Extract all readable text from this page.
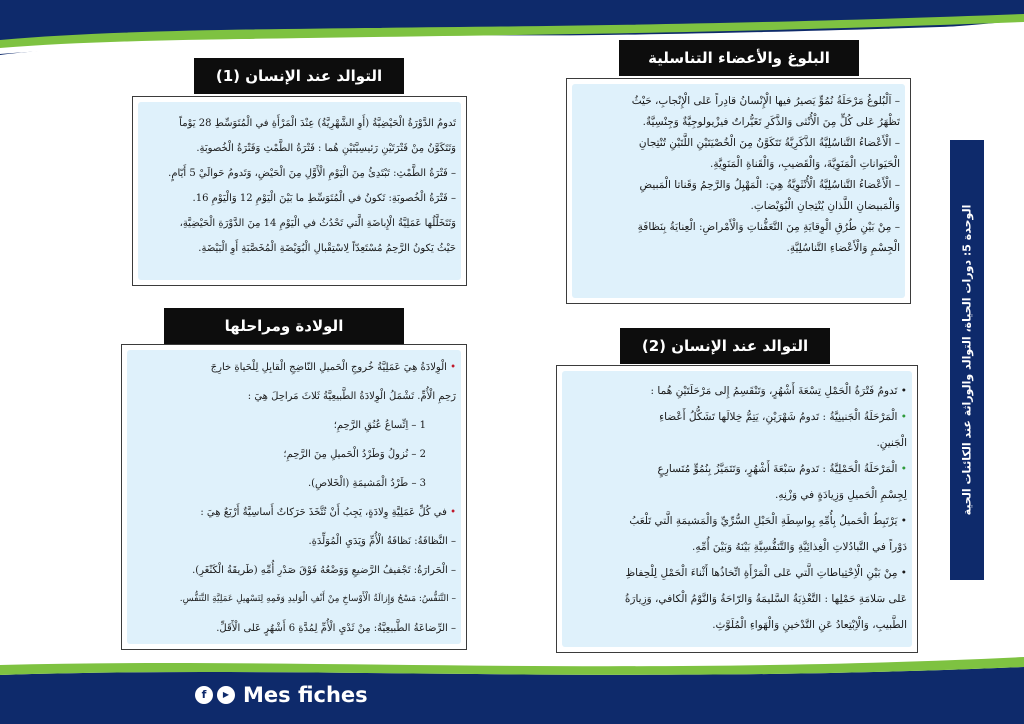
البلوغ والأعضاء التناسلية
– اَلْبُلوغُ مَرْحَلَةُ نُمُوٍّ يَصيرُ فيها الْإِنْسانُ قادِراً عَلى الْإِنْجابِ، حَيْثُ
تَظْهَرُ عَلى كُلٍّ مِنَ الْأُنْثى وَالذَّكَرِ تَغَيُّراتٌ فيزْيولوجِيَّةٌ وَجِنْسِيَّةٌ.
– الْأَعْضاءُ التَّناسُلِيَّةُ الذَّكَرِيَّةُ تَتَكَوَّنُ مِنَ الْخُصْيَتَيْنِ اللَّتَيْنِ تُنْتِجانِ
الْحَيَواناتِ الْمَنَوِيَّةَ، وَالْقَضيبِ، وَالْقَناةِ الْمَنَوِيَّةِ.
– الْأَعْضاءُ التَّناسُلِيَّةُ الْأُنْثَوِيَّةُ هِيَ: الْمَهْبِلُ وَالرَّحِمُ وَقَناتا الْمَبيضِ
وَالْمَبيضانِ اللَّذانِ يُنْتِجانِ الْبُوَيْضاتِ.
– مِنْ بَيْنِ طُرُقِ الْوِقايَةِ مِنَ التَّعَفُّناتِ وَالْأَمْراضِ: الْعِنايَةُ بِنَظافَةِ
الْجِسْمِ وَالْأَعْضاءِ التَّناسُلِيَّةِ.
التوالد عند الإنسان (1)
تَدومُ الدَّوْرَةُ الْحَيْضِيَّةُ (أَوِ الشَّهْرِيَّةُ) عِنْدَ الْمَرْأَةِ في الْمُتَوَسِّطِ 28 يَوْماً
وَتَتَكَوَّنُ مِنْ فَتْرَتَيْنِ رَئيسِيَّتَيْنِ هُما : فَتْرَةُ الطَّمْثِ وَفَتْرَةُ الْخُصوبَةِ.
– فَتْرَةُ الطَّمْثِ: تَبْتَدِئُ مِنَ الْيَوْمِ الْأَوَّلِ مِنَ الْحَيْضِ، وَتَدومُ حَوالَيْ 5 أَيّامٍ.
– فَتْرَةُ الْخُصوبَةِ: تَكونُ في الْمُتَوَسِّطِ ما بَيْنَ الْيَوْمِ 12 وَالْيَوْمِ 16.
وَتَتَخَلَّلُها عَمَلِيَّةُ الْإِباضَةِ الَّتي تَحْدُثُ في الْيَوْمِ 14 مِنَ الدَّوْرَةِ الْحَيْضِيَّةِ،
حَيْثُ يَكونُ الرَّحِمُ مُسْتَعِدّاً لِاسْتِقْبالِ الْبُوَيْضَةِ الْمُخَصَّبَةِ أَوِ الْبَيْضَةِ.
التوالد عند الإنسان (2)
• تَدومُ فَتْرَةُ الْحَمْلِ تِسْعَةَ أَشْهُرٍ، وَتَنْقَسِمُ إِلى مَرْحَلَتَيْنِ هُما :
• الْمَرْحَلَةُ الْجَنينِيَّةُ : تَدومُ شَهْرَيْنِ، يَتِمُّ خِلالَها تَشَكُّلُ أَعْضاءِ
الْجَنينِ.
• الْمَرْحَلَةُ الْحَمْلِيَّةُ : تَدومُ سَبْعَةَ أَشْهُرٍ، وَتَتَمَيَّزُ بِنُمُوٍّ مُتَسارِعٍ
لِجِسْمِ الْحَميلِ وَزِيادَةٍ في وَزْنِهِ.
• يَرْتَبِطُ الْحَميلُ بِأُمِّهِ بِواسِطَةِ الْحَبْلِ السُّرِّيِّ وَالْمَشيمَةِ الَّتي تَلْعَبُ
دَوْراً في التَّبادُلاتِ الْغِذائِيَّةِ وَالتَّنَفُّسِيَّةِ بَيْنَهُ وَبَيْنَ أُمِّهِ.
• مِنْ بَيْنِ الْاِحْتِياطاتِ الَّتي عَلى الْمَرْأَةِ اتِّخاذُها أَثْناءَ الْحَمْلِ لِلْحِفاظِ
عَلى سَلامَةِ حَمْلِها : التَّغْذِيَةُ السَّليمَةُ وَالرّاحَةُ وَالنَّوْمُ الْكافي، وَزِيارَةُ
الطَّبيبِ، وَالْاِبْتِعادُ عَنِ التَّدْخينِ وَالْهَواءِ الْمُلَوَّثِ.
الولادة ومراحلها
• الْوِلادَةُ هِيَ عَمَلِيَّةُ خُروجِ الْحَميلِ النّاضِجِ الْقابِلِ لِلْحَياةِ خارِجَ
رَحِمِ الْأُمِّ. تَشْمَلُ الْوِلادَةُ الطَّبيعِيَّةُ ثَلاثَ مَراحِلَ هِيَ :
1 – اِتِّساعُ عُنُقِ الرَّحِمِ؛
2 – نُزولُ وَطَرْدُ الْحَميلِ مِنَ الرَّحِمِ؛
3 – طَرْدُ الْمَشيمَةِ (الْخَلاصِ).
• في كُلِّ عَمَلِيَّةِ وِلادَةٍ، يَجِبُ أَنْ تُتَّخَذَ حَرَكاتٌ أَساسِيَّةٌ أَرْبَعٌ هِيَ :
– النَّظافَةُ: نَظافَةُ الْأُمِّ وَيَدَيِ الْمُوَلِّدَةِ.
– الْحَرارَةُ: تَجْفيفُ الرَّضيعِ وَوَضْعُهُ فَوْقَ صَدْرِ أُمِّهِ (طَريقَةُ الْكَنْغَرِ).
– التَّنَفُّسُ: مَسْحُ وَإِزالَةُ الْأَوْساخِ مِنْ أَنْفِ الْوَليدِ وَفَمِهِ لِتَسْهيلِ عَمَلِيَّةِ التَّنَفُّسِ.
– الرِّضاعَةُ الطَّبيعِيَّةُ: مِنْ ثَدْيِ الْأُمِّ لِمُدَّةِ 6 أَشْهُرٍ عَلى الْأَقَلِّ.
الوحدة 5: دورات الحياة، التوالد والوراثة عند الكائنات الحية
f	▶ Mes fiches
